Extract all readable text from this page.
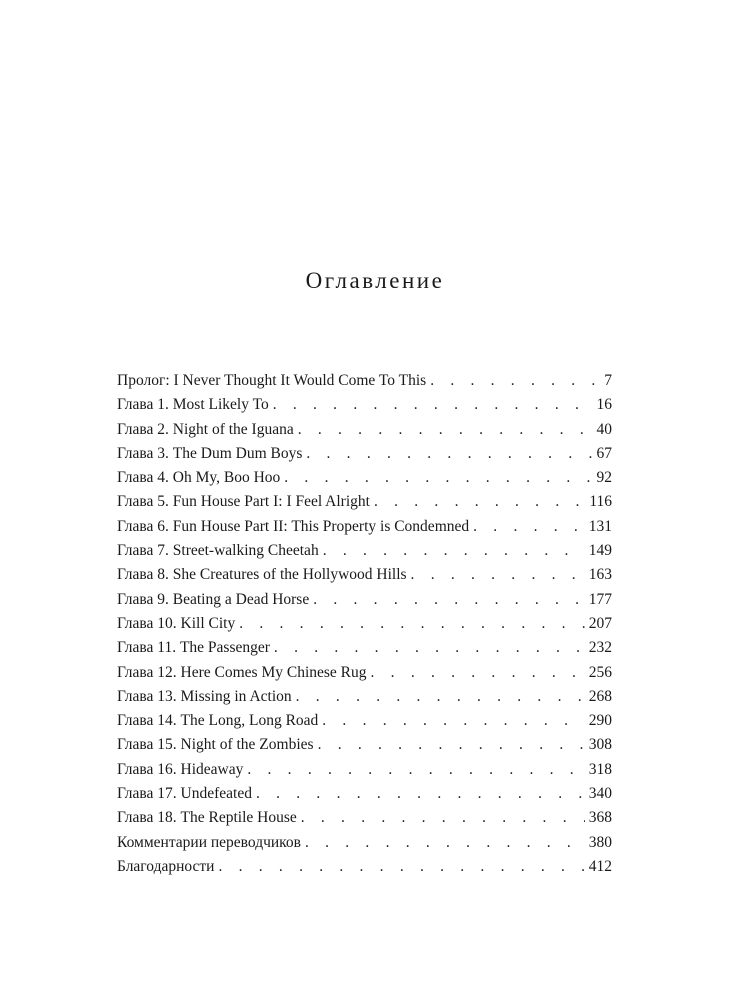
Оглавление
Пролог: I Never Thought It Would Come To This . . .	7
Глава 1. Most Likely To . . .	16
Глава 2. Night of the Iguana . . .	40
Глава 3. The Dum Dum Boys . . .	67
Глава 4. Oh My, Boo Hoo . . .	92
Глава 5. Fun House Part I: I Feel Alright . . .	116
Глава 6. Fun House Part II: This Property is Condemned . . .	131
Глава 7. Street-walking Cheetah . . .	149
Глава 8. She Creatures of the Hollywood Hills . . .	163
Глава 9. Beating a Dead Horse . . .	177
Глава 10. Kill City . . .	207
Глава 11. The Passenger . . .	232
Глава 12. Here Comes My Chinese Rug . . .	256
Глава 13. Missing in Action . . .	268
Глава 14. The Long, Long Road . . .	290
Глава 15. Night of the Zombies . . .	308
Глава 16. Hideaway . . .	318
Глава 17. Undefeated . . .	340
Глава 18. The Reptile House . . .	368
Комментарии переводчиков . . .	380
Благодарности . . .	412
